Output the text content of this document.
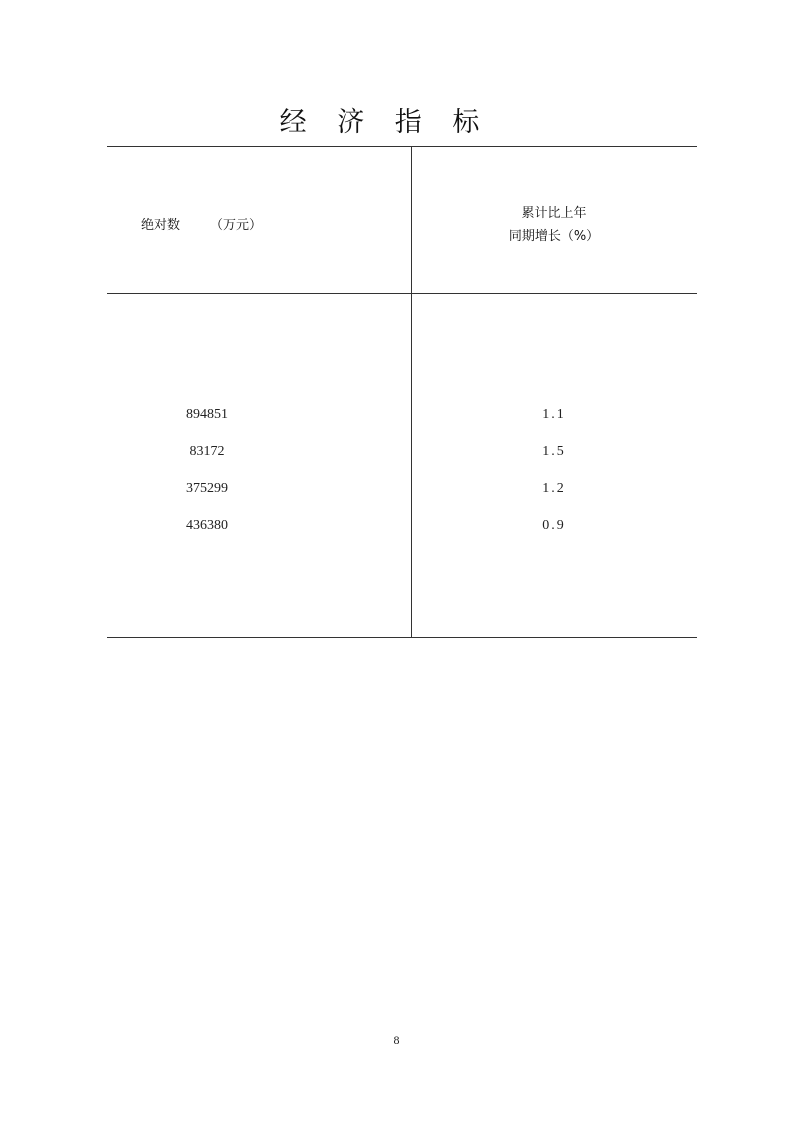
经 济 指 标
绝对数 （万元）
累计比上年
同期增长（%）
894851	1.1
83172	1.5
375299	1.2
436380	0.9
8
